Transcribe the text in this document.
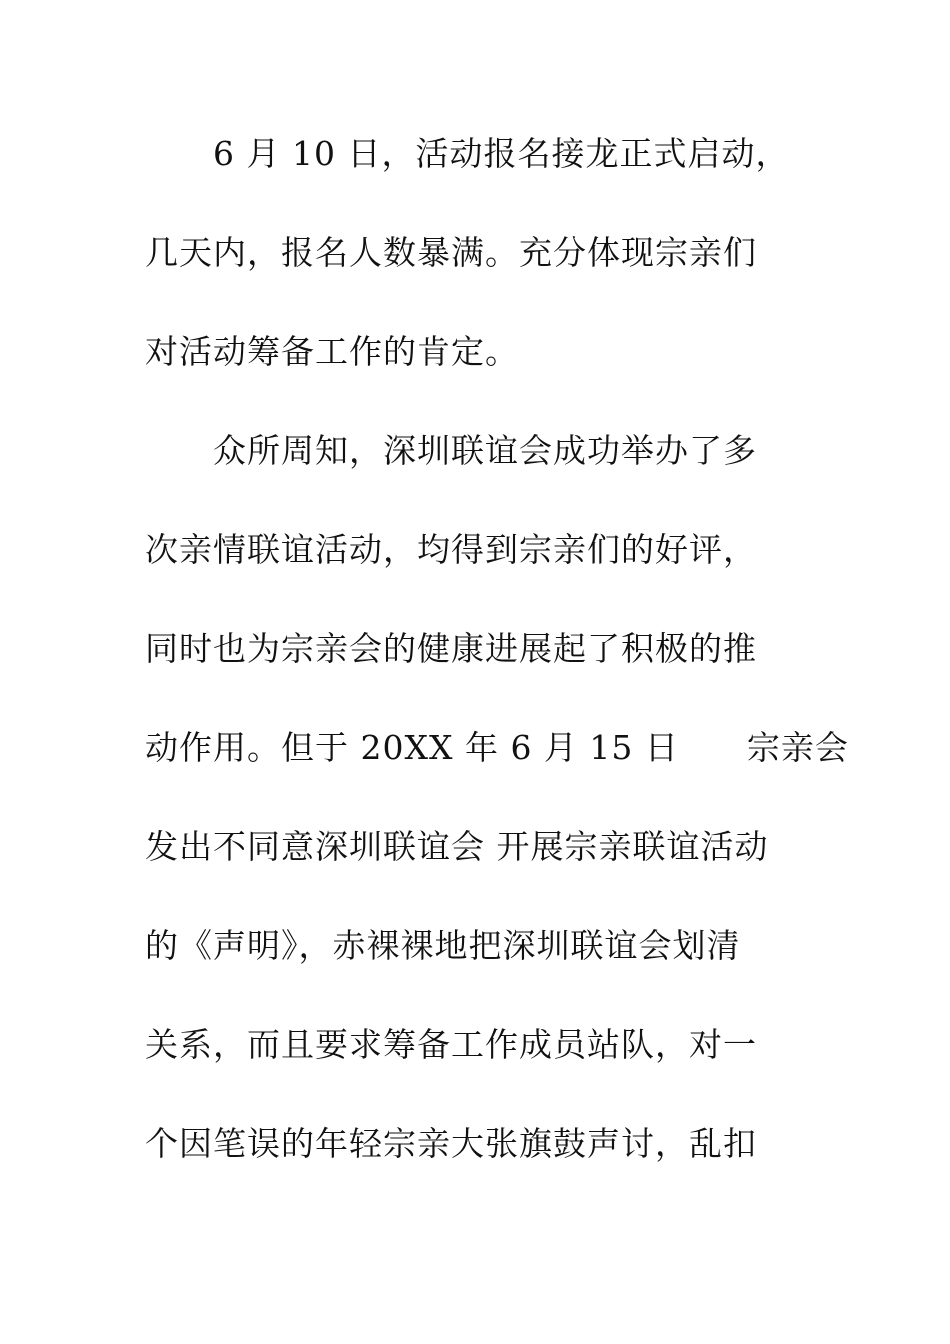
6 月 10 日，活动报名接龙正式启动，
几天内，报名人数暴满。充分体现宗亲们
对活动筹备工作的肯定。
众所周知，深圳联谊会成功举办了多
次亲情联谊活动，均得到宗亲们的好评，
同时也为宗亲会的健康进展起了积极的推
动作用。但于 20XX 年 6 月 15 日　　宗亲会
发出不同意深圳联谊会 开展宗亲联谊活动
的《声明》，赤裸裸地把深圳联谊会划清
关系，而且要求筹备工作成员站队，对一
个因笔误的年轻宗亲大张旗鼓声讨，乱扣
